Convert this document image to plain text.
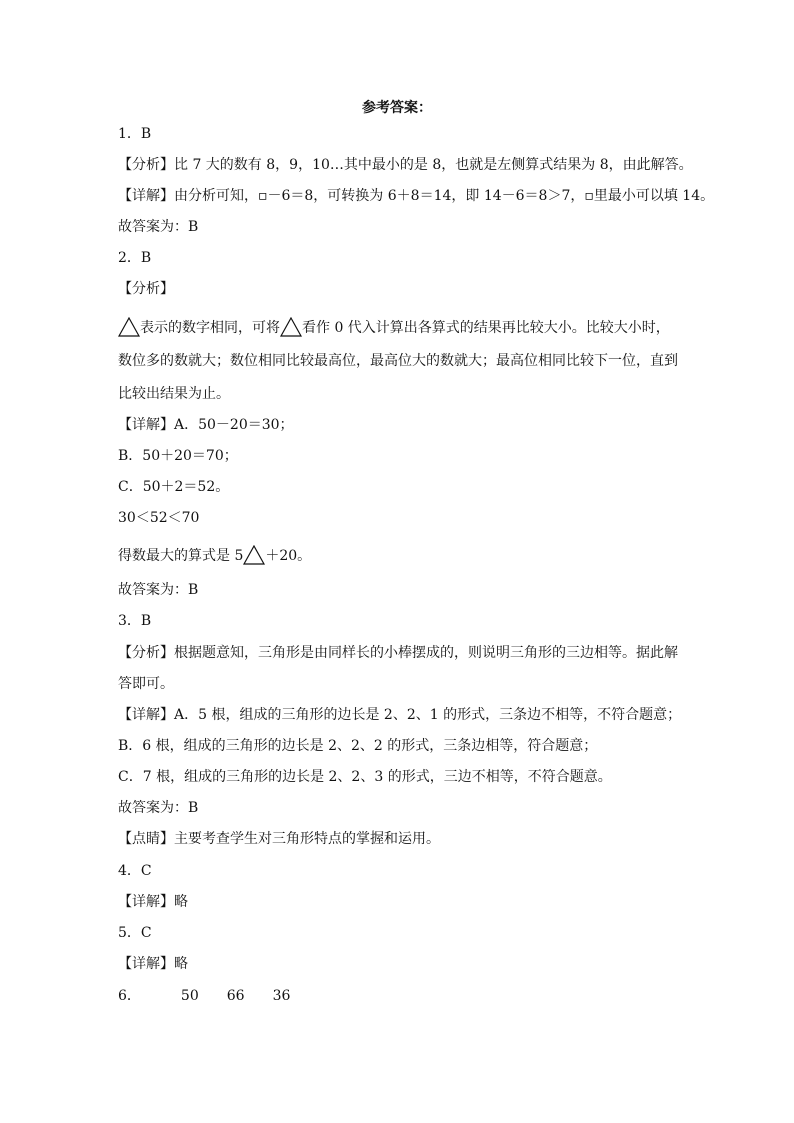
参考答案：
1．B
【分析】比 7 大的数有 8，9，10…其中最小的是 8，也就是左侧算式结果为 8，由此解答。
【详解】由分析可知，▫－6＝8，可转换为 6＋8＝14，即 14－6＝8＞7，▫里最小可以填 14。
故答案为：B
2．B
【分析】
表示的数字相同，可将 看作 0 代入计算出各算式的结果再比较大小。比较大小时，
数位多的数就大；数位相同比较最高位，最高位大的数就大；最高位相同比较下一位，直到
比较出结果为止。
【详解】A．50－20＝30；
B．50＋20＝70；
C．50＋2＝52。
30＜52＜70
得数最大的算式是 5 ＋20。
故答案为：B
3．B
【分析】根据题意知，三角形是由同样长的小棒摆成的，则说明三角形的三边相等。据此解
答即可。
【详解】A．5 根，组成的三角形的边长是 2、2、1 的形式，三条边不相等，不符合题意；
B．6 根，组成的三角形的边长是 2、2、2 的形式，三条边相等，符合题意；
C．7 根，组成的三角形的边长是 2、2、3 的形式，三边不相等，不符合题意。
故答案为：B
【点睛】主要考查学生对三角形特点的掌握和运用。
4．C
【详解】略
5．C
【详解】略
6．	50 66 36
